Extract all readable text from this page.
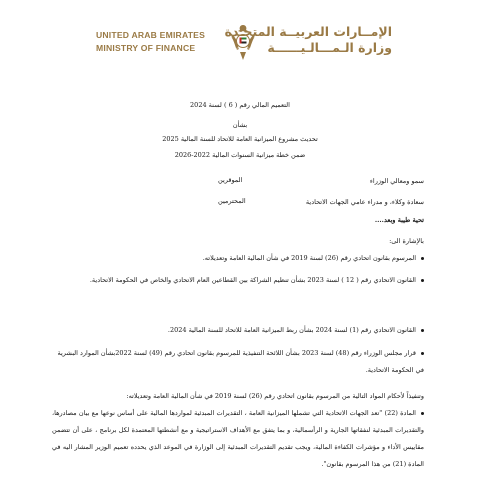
UNITED ARAB EMIRATES
MINISTRY OF FINANCE
الإمــارات العربيــة المتحـدة
وزارة الـمـــالـيــــــة
التعميم المالي رقم ( 6 ) لسنة 2024
بشأن
تحديث مشروع الميزانية العامة للاتحاد للسنة المالية 2025
ضمن خطة ميزانية السنوات المالية 2022-2026
سمو ومعالي الوزراء
الموقرين
سعادة وكلاء، و مدراء عامي الجهات الاتحادية
المحترمين
تحية طيبة وبعد....
بالإشارة الى:
المرسوم بقانون اتحادي رقم (26) لسنة 2019 في شأن المالية العامة وتعديلاته.
القانون الاتحادي رقم ( 12 ) لسنة 2023 بشأن تنظيم الشراكة بين القطاعين العام الاتحادي والخاص في الحكومة الاتحادية.
القانون الاتحادي رقم (1) لسنة 2024 بشأن ربط الميزانية العامة للاتحاد للسنة المالية 2024.
قرار مجلس الوزراء رقم (48) لسنة 2023 بشأن اللائحة التنفيذية للمرسوم بقانون اتحادي رقم (49) لسنة 2022بشأن الموارد البشرية في الحكومة الاتحادية.
وتنفيذاً لأحكام المواد التالية من المرسوم بقانون اتحادي رقم (26) لسنة 2019 في شأن المالية العامة وتعديلاته:
المادة (22) "تعد الجهات الاتحادية التي تشملها الميزانية العامة ، التقديرات المبدئية لمواردها المالية على أساس نوعها مع بيان مصادرها، والتقديرات المبدئية لنفقاتها الجارية و الرأسمالية، و بما يتفق مع الأهداف الاستراتيجية و مع أنشطتها المعتمدة لكل برنامج ، على أن تتضمن مقاييس الأداء و مؤشرات الكفاءة المالية، ويجب تقديم التقديرات المبدئية إلى الوزارة في الموعد الذي يحدده تعميم الوزير المشار اليه في المادة (21) من هذا المرسوم بقانون".
